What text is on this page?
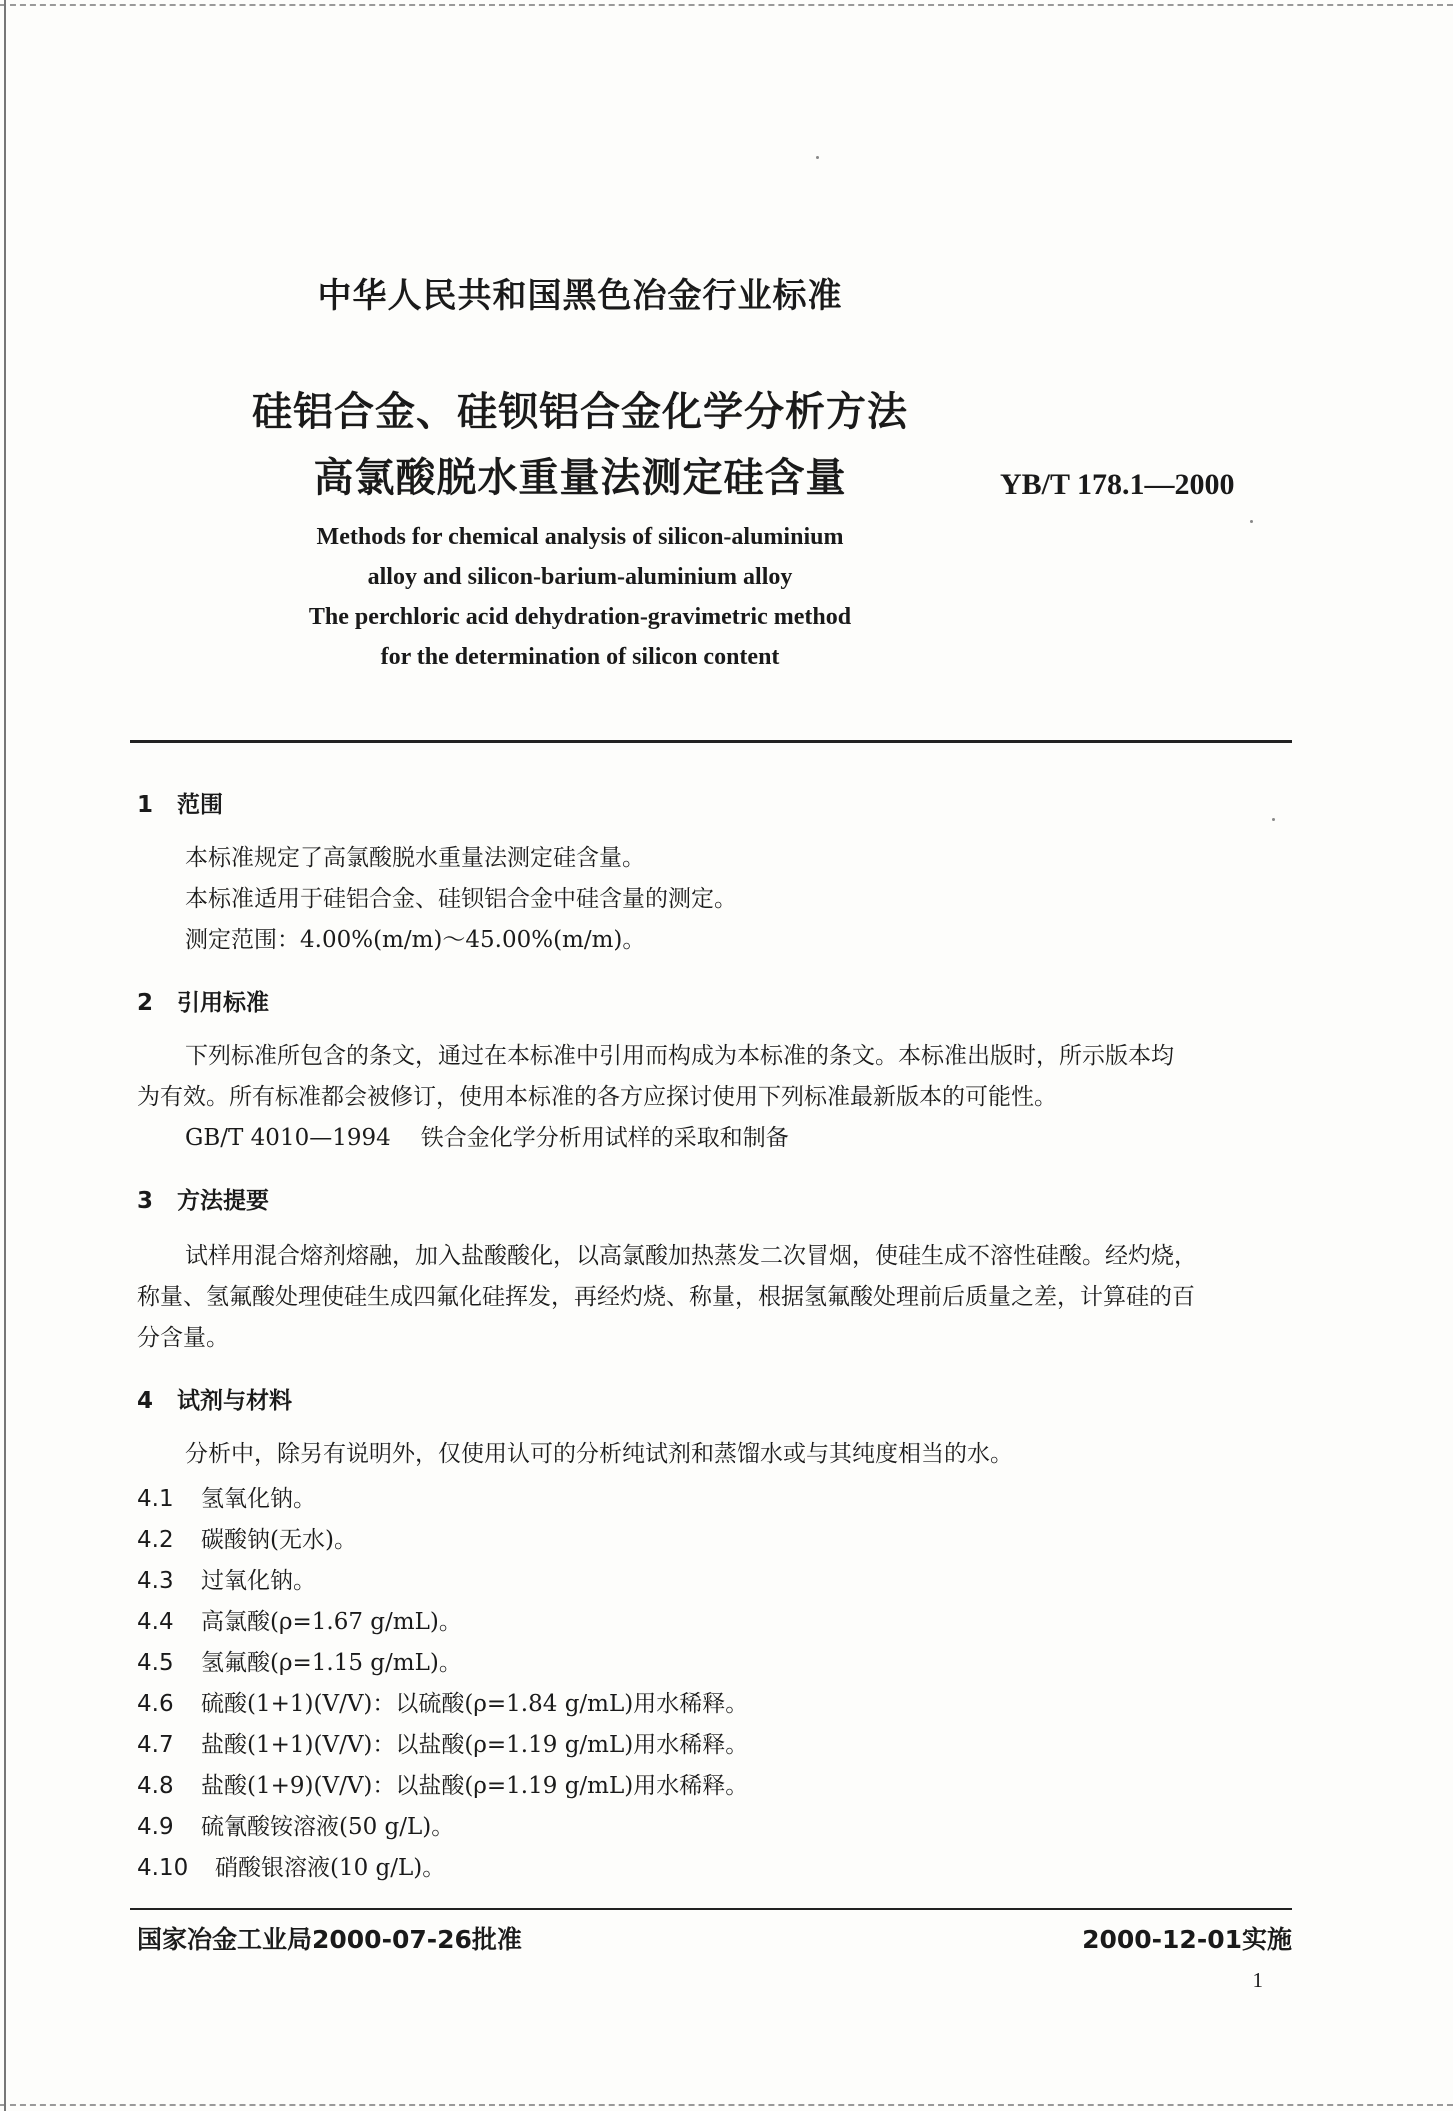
中华人民共和国黑色冶金行业标准
硅铝合金、硅钡铝合金化学分析方法
高氯酸脱水重量法测定硅含量	YB/T 178.1—2000
Methods for chemical analysis of silicon-aluminium
alloy and silicon-barium-aluminium alloy
The perchloric acid dehydration-gravimetric method
for the determination of silicon content
1 范围
本标准规定了高氯酸脱水重量法测定硅含量。
本标准适用于硅铝合金、硅钡铝合金中硅含量的测定。
测定范围：4.00%(m/m)～45.00%(m/m)。
2 引用标准
下列标准所包含的条文，通过在本标准中引用而构成为本标准的条文。本标准出版时，所示版本均
为有效。所有标准都会被修订，使用本标准的各方应探讨使用下列标准最新版本的可能性。
GB/T 4010—1994 铁合金化学分析用试样的采取和制备
3 方法提要
试样用混合熔剂熔融，加入盐酸酸化，以高氯酸加热蒸发二次冒烟，使硅生成不溶性硅酸。经灼烧，
称量、氢氟酸处理使硅生成四氟化硅挥发，再经灼烧、称量，根据氢氟酸处理前后质量之差，计算硅的百
分含量。
4 试剂与材料
分析中，除另有说明外，仅使用认可的分析纯试剂和蒸馏水或与其纯度相当的水。
4.1 氢氧化钠。
4.2 碳酸钠(无水)。
4.3 过氧化钠。
4.4 高氯酸(ρ=1.67 g/mL)。
4.5 氢氟酸(ρ=1.15 g/mL)。
4.6 硫酸(1+1)(V/V)：以硫酸(ρ=1.84 g/mL)用水稀释。
4.7 盐酸(1+1)(V/V)：以盐酸(ρ=1.19 g/mL)用水稀释。
4.8 盐酸(1+9)(V/V)：以盐酸(ρ=1.19 g/mL)用水稀释。
4.9 硫氰酸铵溶液(50 g/L)。
4.10 硝酸银溶液(10 g/L)。
国家冶金工业局2000-07-26批准	2000-12-01实施
1
